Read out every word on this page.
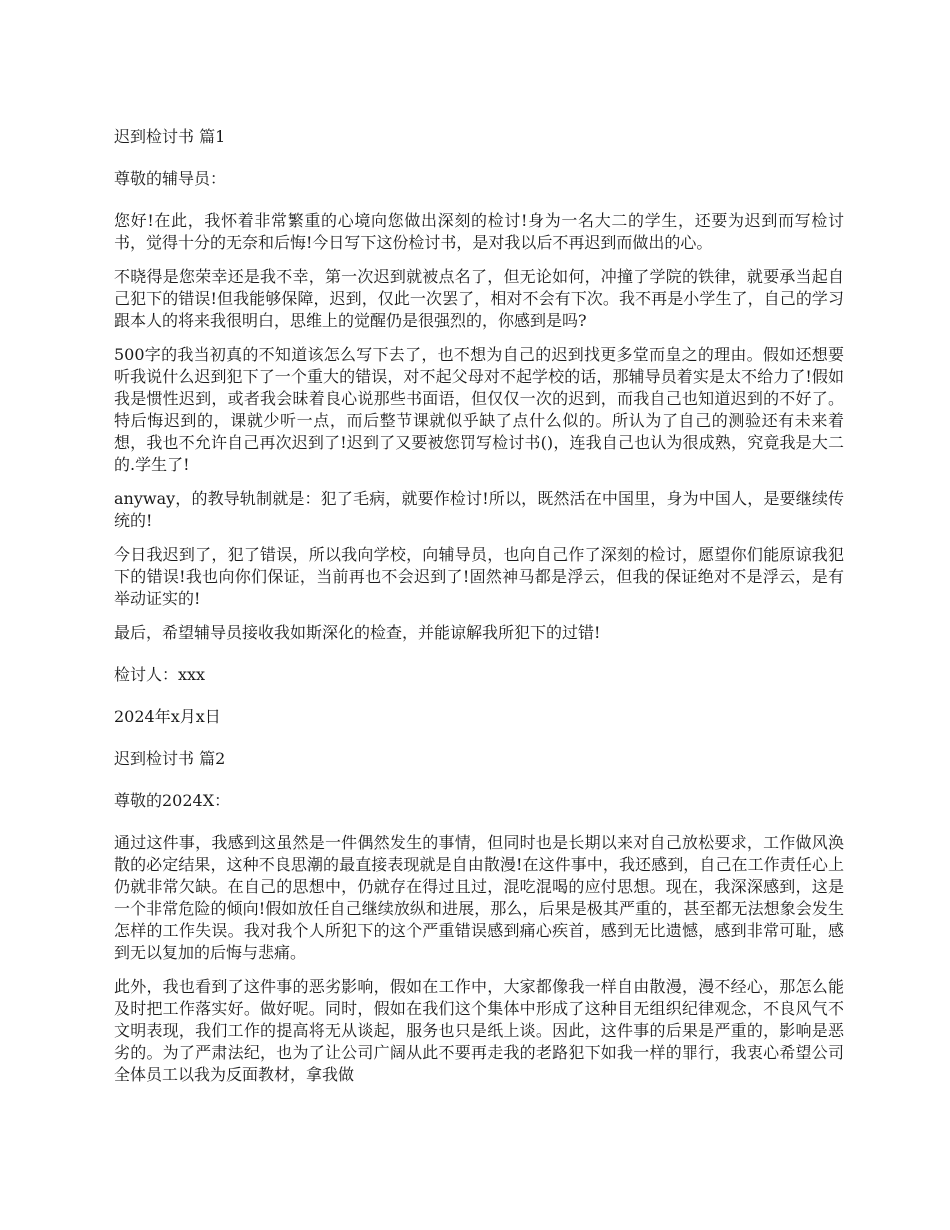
迟到检讨书 篇1

尊敬的辅导员：

您好!在此，我怀着非常繁重的心境向您做出深刻的检讨!身为一名大二的学生，还要为迟到而写检讨书，觉得十分的无奈和后悔!今日写下这份检讨书，是对我以后不再迟到而做出的心。

不晓得是您荣幸还是我不幸，第一次迟到就被点名了，但无论如何，冲撞了学院的铁律，就要承当起自己犯下的错误!但我能够保障，迟到，仅此一次罢了，相对不会有下次。我不再是小学生了，自己的学习跟本人的将来我很明白，思维上的觉醒仍是很强烈的，你感到是吗?

500字的我当初真的不知道该怎么写下去了，也不想为自己的迟到找更多堂而皇之的理由。假如还想要听我说什么迟到犯下了一个重大的错误，对不起父母对不起学校的话，那辅导员着实是太不给力了!假如我是惯性迟到，或者我会昧着良心说那些书面语，但仅仅一次的迟到，而我自己也知道迟到的不好了。特后悔迟到的，课就少听一点，而后整节课就似乎缺了点什么似的。所认为了自己的测验还有未来着想，我也不允许自己再次迟到了!迟到了又要被您罚写检讨书()，连我自己也认为很成熟，究竟我是大二的.学生了!

anyway，的教导轨制就是：犯了毛病，就要作检讨!所以，既然活在中国里，身为中国人，是要继续传统的!

今日我迟到了，犯了错误，所以我向学校，向辅导员，也向自己作了深刻的检讨，愿望你们能原谅我犯下的错误!我也向你们保证，当前再也不会迟到了!固然神马都是浮云，但我的保证绝对不是浮云，是有举动证实的!

最后，希望辅导员接收我如斯深化的检查，并能谅解我所犯下的过错!

检讨人：xxx

2024年x月x日

迟到检讨书 篇2

尊敬的2024X：

通过这件事，我感到这虽然是一件偶然发生的事情，但同时也是长期以来对自己放松要求，工作做风涣散的必定结果，这种不良思潮的最直接表现就是自由散漫!在这件事中，我还感到，自己在工作责任心上仍就非常欠缺。在自己的思想中，仍就存在得过且过，混吃混喝的应付思想。现在，我深深感到，这是一个非常危险的倾向!假如放任自己继续放纵和进展，那么，后果是极其严重的，甚至都无法想象会发生怎样的工作失误。我对我个人所犯下的这个严重错误感到痛心疾首，感到无比遗憾，感到非常可耻，感到无以复加的后悔与悲痛。

此外，我也看到了这件事的恶劣影响，假如在工作中，大家都像我一样自由散漫，漫不经心，那怎么能及时把工作落实好。做好呢。同时，假如在我们这个集体中形成了这种目无组织纪律观念，不良风气不文明表现，我们工作的提高将无从谈起，服务也只是纸上谈。因此，这件事的后果是严重的，影响是恶劣的。为了严肃法纪，也为了让公司广阔从此不要再走我的老路犯下如我一样的罪行，我衷心希望公司全体员工以我为反面教材，拿我做
